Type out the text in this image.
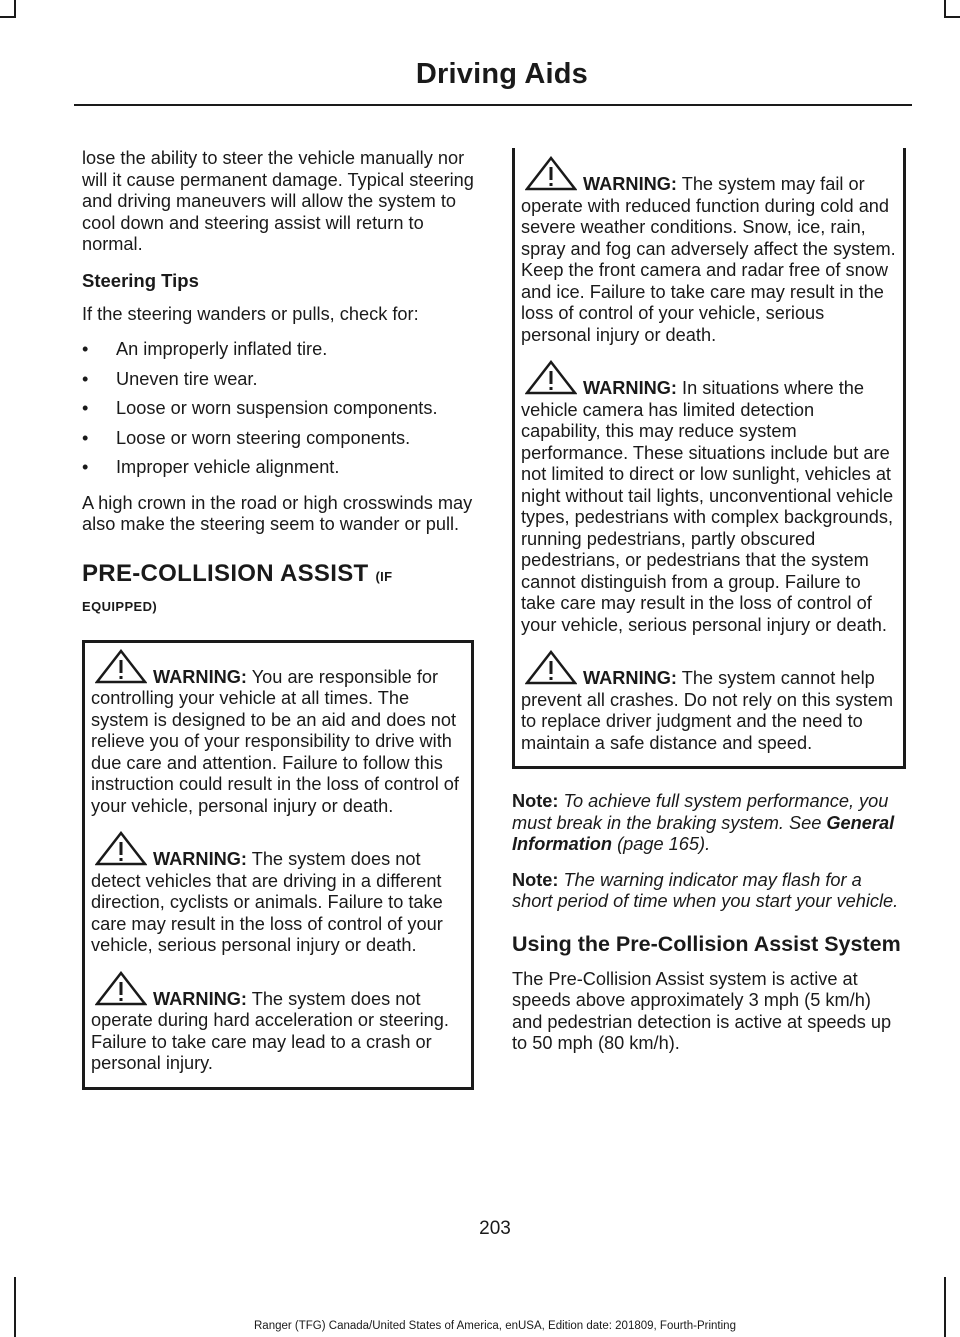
Driving Aids

lose the ability to steer the vehicle manually nor will it cause permanent damage. Typical steering and driving maneuvers will allow the system to cool down and steering assist will return to normal.

Steering Tips

If the steering wanders or pulls, check for:

• An improperly inflated tire.
• Uneven tire wear.
• Loose or worn suspension components.
• Loose or worn steering components.
• Improper vehicle alignment.

A high crown in the road or high crosswinds may also make the steering seem to wander or pull.

PRE-COLLISION ASSIST (IF
EQUIPPED)
WARNING: You are responsible for controlling your vehicle at all times. The system is designed to be an aid and does not relieve you of your responsibility to drive with due care and attention. Failure to follow this instruction could result in the loss of control of your vehicle, personal injury or death.
WARNING: The system does not detect vehicles that are driving in a different direction, cyclists or animals. Failure to take care may result in the loss of control of your vehicle, serious personal injury or death.
WARNING: The system does not operate during hard acceleration or steering. Failure to take care may lead to a crash or personal injury.
WARNING: The system may fail or operate with reduced function during cold and severe weather conditions. Snow, ice, rain, spray and fog can adversely affect the system. Keep the front camera and radar free of snow and ice. Failure to take care may result in the loss of control of your vehicle, serious personal injury or death.
WARNING: In situations where the vehicle camera has limited detection capability, this may reduce system performance. These situations include but are not limited to direct or low sunlight, vehicles at night without tail lights, unconventional vehicle types, pedestrians with complex backgrounds, running pedestrians, partly obscured pedestrians, or pedestrians that the system cannot distinguish from a group. Failure to take care may result in the loss of control of your vehicle, serious personal injury or death.
WARNING: The system cannot help prevent all crashes. Do not rely on this system to replace driver judgment and the need to maintain a safe distance and speed.

Note: To achieve full system performance, you must break in the braking system. See General Information (page 165).

Note: The warning indicator may flash for a short period of time when you start your vehicle.

Using the Pre-Collision Assist System

The Pre-Collision Assist system is active at speeds above approximately 3 mph (5 km/h) and pedestrian detection is active at speeds up to 50 mph (80 km/h).

203
Ranger (TFG) Canada/United States of America, enUSA, Edition date: 201809, Fourth-Printing
